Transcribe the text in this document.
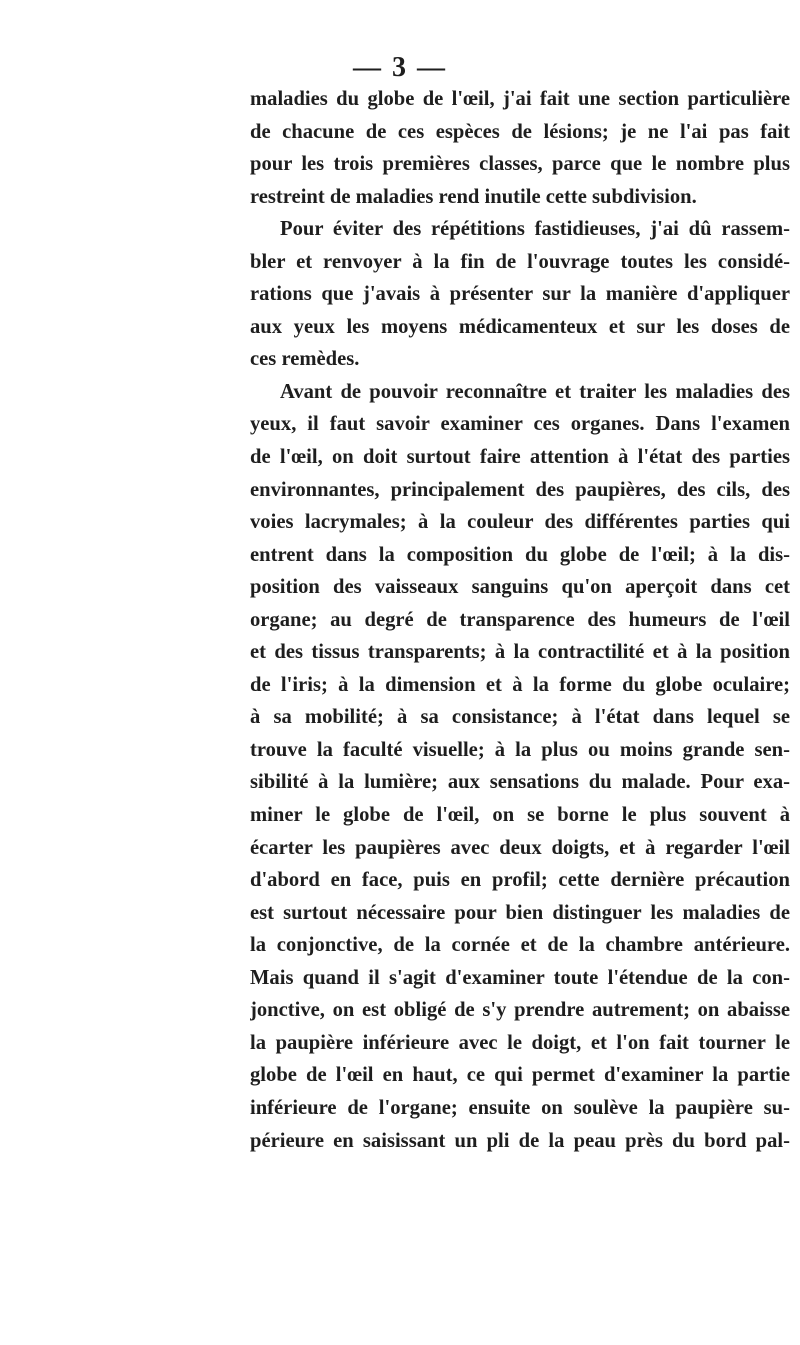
— 3 —
maladies du globe de l'œil, j'ai fait une section particulière
de chacune de ces espèces de lésions; je ne l'ai pas fait
pour les trois premières classes, parce que le nombre plus
restreint de maladies rend inutile cette subdivision.
Pour éviter des répétitions fastidieuses, j'ai dû rassem-
bler et renvoyer à la fin de l'ouvrage toutes les considé-
rations que j'avais à présenter sur la manière d'appliquer
aux yeux les moyens médicamenteux et sur les doses de
ces remèdes.
Avant de pouvoir reconnaître et traiter les maladies des
yeux, il faut savoir examiner ces organes. Dans l'examen
de l'œil, on doit surtout faire attention à l'état des parties
environnantes, principalement des paupières, des cils, des
voies lacrymales; à la couleur des différentes parties qui
entrent dans la composition du globe de l'œil; à la dis-
position des vaisseaux sanguins qu'on aperçoit dans cet
organe; au degré de transparence des humeurs de l'œil
et des tissus transparents; à la contractilité et à la position
de l'iris; à la dimension et à la forme du globe oculaire;
à sa mobilité; à sa consistance; à l'état dans lequel se
trouve la faculté visuelle; à la plus ou moins grande sen-
sibilité à la lumière; aux sensations du malade. Pour exa-
miner le globe de l'œil, on se borne le plus souvent à
écarter les paupières avec deux doigts, et à regarder l'œil
d'abord en face, puis en profil; cette dernière précaution
est surtout nécessaire pour bien distinguer les maladies de
la conjonctive, de la cornée et de la chambre antérieure.
Mais quand il s'agit d'examiner toute l'étendue de la con-
jonctive, on est obligé de s'y prendre autrement; on abaisse
la paupière inférieure avec le doigt, et l'on fait tourner le
globe de l'œil en haut, ce qui permet d'examiner la partie
inférieure de l'organe; ensuite on soulève la paupière su-
périeure en saisissant un pli de la peau près du bord pal-
